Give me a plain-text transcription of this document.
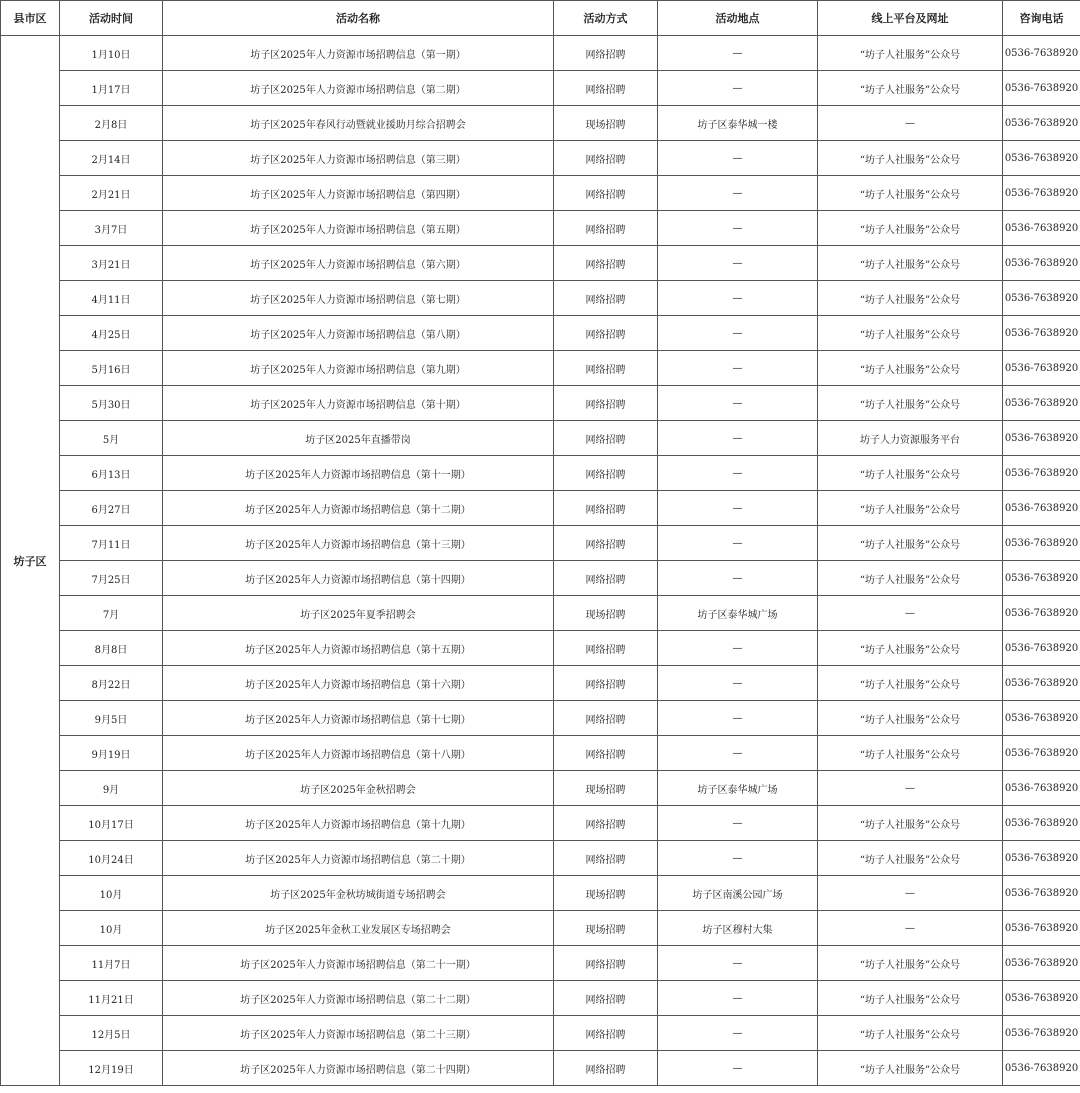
县市区	活动时间	活动名称	活动方式	活动地点	线上平台及网址	咨询电话
坊子区	1月10日	坊子区2025年人力资源市场招聘信息（第一期）	网络招聘	—	“坊子人社服务”公众号	0536-7638920
	1月17日	坊子区2025年人力资源市场招聘信息（第二期）	网络招聘	—	“坊子人社服务”公众号	0536-7638920
	2月8日	坊子区2025年春风行动暨就业援助月综合招聘会	现场招聘	坊子区泰华城一楼	—	0536-7638920
	2月14日	坊子区2025年人力资源市场招聘信息（第三期）	网络招聘	—	“坊子人社服务”公众号	0536-7638920
	2月21日	坊子区2025年人力资源市场招聘信息（第四期）	网络招聘	—	“坊子人社服务”公众号	0536-7638920
	3月7日	坊子区2025年人力资源市场招聘信息（第五期）	网络招聘	—	“坊子人社服务”公众号	0536-7638920
	3月21日	坊子区2025年人力资源市场招聘信息（第六期）	网络招聘	—	“坊子人社服务”公众号	0536-7638920
	4月11日	坊子区2025年人力资源市场招聘信息（第七期）	网络招聘	—	“坊子人社服务”公众号	0536-7638920
	4月25日	坊子区2025年人力资源市场招聘信息（第八期）	网络招聘	—	“坊子人社服务”公众号	0536-7638920
	5月16日	坊子区2025年人力资源市场招聘信息（第九期）	网络招聘	—	“坊子人社服务”公众号	0536-7638920
	5月30日	坊子区2025年人力资源市场招聘信息（第十期）	网络招聘	—	“坊子人社服务”公众号	0536-7638920
	5月	坊子区2025年直播带岗	网络招聘	—	坊子人力资源服务平台	0536-7638920
	6月13日	坊子区2025年人力资源市场招聘信息（第十一期）	网络招聘	—	“坊子人社服务”公众号	0536-7638920
	6月27日	坊子区2025年人力资源市场招聘信息（第十二期）	网络招聘	—	“坊子人社服务”公众号	0536-7638920
	7月11日	坊子区2025年人力资源市场招聘信息（第十三期）	网络招聘	—	“坊子人社服务”公众号	0536-7638920
	7月25日	坊子区2025年人力资源市场招聘信息（第十四期）	网络招聘	—	“坊子人社服务”公众号	0536-7638920
	7月	坊子区2025年夏季招聘会	现场招聘	坊子区泰华城广场	—	0536-7638920
	8月8日	坊子区2025年人力资源市场招聘信息（第十五期）	网络招聘	—	“坊子人社服务”公众号	0536-7638920
	8月22日	坊子区2025年人力资源市场招聘信息（第十六期）	网络招聘	—	“坊子人社服务”公众号	0536-7638920
	9月5日	坊子区2025年人力资源市场招聘信息（第十七期）	网络招聘	—	“坊子人社服务”公众号	0536-7638920
	9月19日	坊子区2025年人力资源市场招聘信息（第十八期）	网络招聘	—	“坊子人社服务”公众号	0536-7638920
	9月	坊子区2025年金秋招聘会	现场招聘	坊子区泰华城广场	—	0536-7638920
	10月17日	坊子区2025年人力资源市场招聘信息（第十九期）	网络招聘	—	“坊子人社服务”公众号	0536-7638920
	10月24日	坊子区2025年人力资源市场招聘信息（第二十期）	网络招聘	—	“坊子人社服务”公众号	0536-7638920
	10月	坊子区2025年金秋坊城街道专场招聘会	现场招聘	坊子区南溪公园广场	—	0536-7638920
	10月	坊子区2025年金秋工业发展区专场招聘会	现场招聘	坊子区穆村大集	—	0536-7638920
	11月7日	坊子区2025年人力资源市场招聘信息（第二十一期）	网络招聘	—	“坊子人社服务”公众号	0536-7638920
	11月21日	坊子区2025年人力资源市场招聘信息（第二十二期）	网络招聘	—	“坊子人社服务”公众号	0536-7638920
	12月5日	坊子区2025年人力资源市场招聘信息（第二十三期）	网络招聘	—	“坊子人社服务”公众号	0536-7638920
	12月19日	坊子区2025年人力资源市场招聘信息（第二十四期）	网络招聘	—	“坊子人社服务”公众号	0536-7638920
